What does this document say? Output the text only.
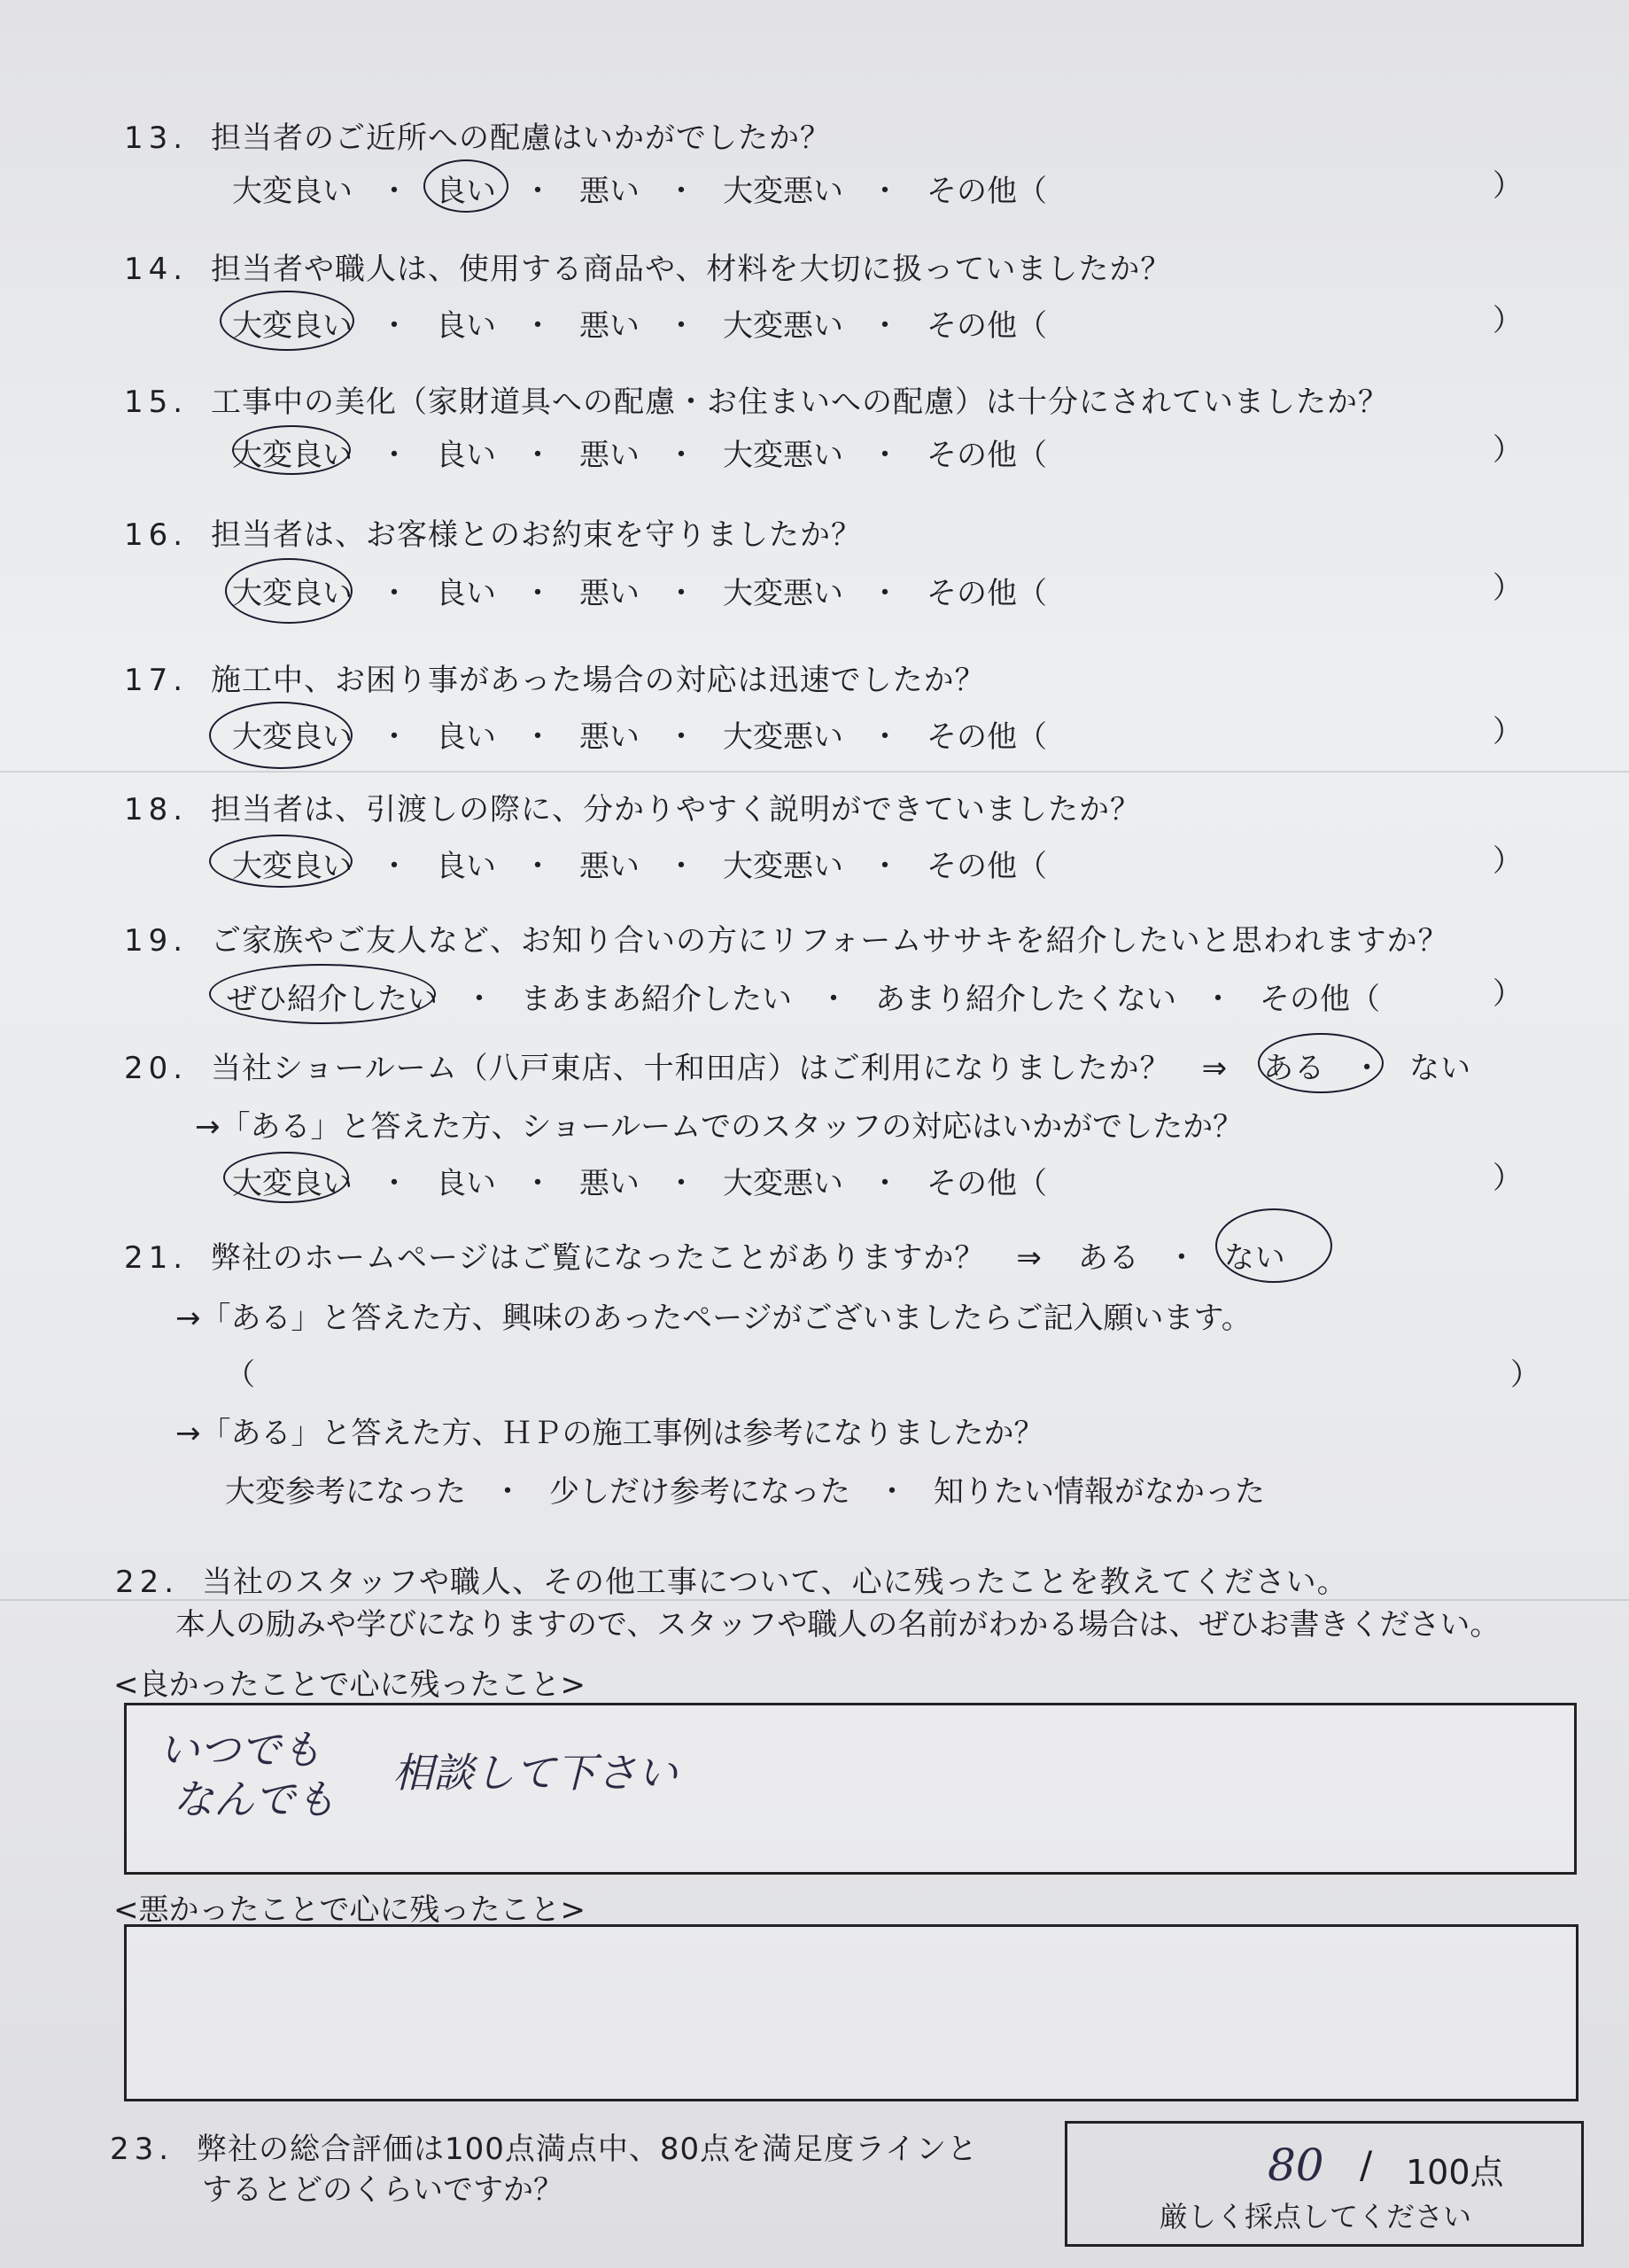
13. 担当者のご近所への配慮はいかがでしたか？
大変良い ・ 良い ・ 悪い ・ 大変悪い ・ その他（	）
14. 担当者や職人は、使用する商品や、材料を大切に扱っていましたか？
大変良い ・ 良い ・ 悪い ・ 大変悪い ・ その他（	）
15. 工事中の美化（家財道具への配慮・お住まいへの配慮）は十分にされていましたか？
大変良い ・ 良い ・ 悪い ・ 大変悪い ・ その他（	）
16. 担当者は、お客様とのお約束を守りましたか？
大変良い ・ 良い ・ 悪い ・ 大変悪い ・ その他（	）
17. 施工中、お困り事があった場合の対応は迅速でしたか？
大変良い ・ 良い ・ 悪い ・ 大変悪い ・ その他（	）
18. 担当者は、引渡しの際に、分かりやすく説明ができていましたか？
大変良い ・ 良い ・ 悪い ・ 大変悪い ・ その他（	）
19. ご家族やご友人など、お知り合いの方にリフォームササキを紹介したいと思われますか？
ぜひ紹介したい ・ まあまあ紹介したい ・ あまり紹介したくない ・ その他（	）
20. 当社ショールーム（八戸東店、十和田店）はご利用になりましたか？　⇒ ある ・ ない
→「ある」と答えた方、ショールームでのスタッフの対応はいかがでしたか？
大変良い ・ 良い ・ 悪い ・ 大変悪い ・ その他（	）
21. 弊社のホームページはご覧になったことがありますか？　⇒ ある ・ ない
→「ある」と答えた方、興味のあったページがございましたらご記入願います。
（	）
→「ある」と答えた方、ＨＰの施工事例は参考になりましたか？
大変参考になった ・ 少しだけ参考になった ・ 知りたい情報がなかった
22. 当社のスタッフや職人、その他工事について、心に残ったことを教えてください。
本人の励みや学びになりますので、スタッフや職人の名前がわかる場合は、ぜひお書きください。
<良かったことで心に残ったこと>
いつでも
なんでも
相談して下さい
<悪かったことで心に残ったこと>
23. 弊社の総合評価は100点満点中、80点を満足度ラインと
するとどのくらいですか？	80 / 100点
厳しく採点してください
